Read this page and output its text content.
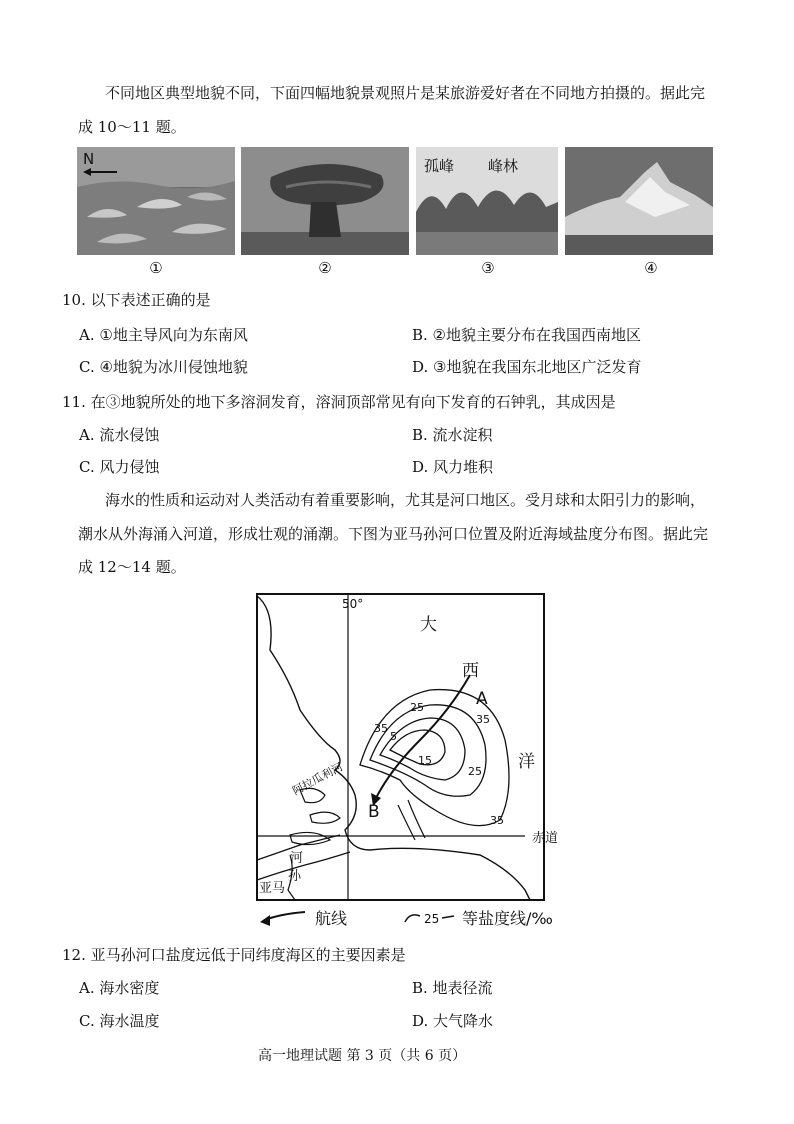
不同地区典型地貌不同，下面四幅地貌景观照片是某旅游爱好者在不同地方拍摄的。据此完
成 10～11 题。
N	孤峰 峰林
①	②	③	④
10. 以下表述正确的是
A. ①地主导风向为东南风	B. ②地貌主要分布在我国西南地区
C. ④地貌为冰川侵蚀地貌	D. ③地貌在我国东北地区广泛发育
11. 在③地貌所处的地下多溶洞发育，溶洞顶部常见有向下发育的石钟乳，其成因是
A. 流水侵蚀	B. 流水淀积
C. 风力侵蚀	D. 风力堆积
海水的性质和运动对人类活动有着重要影响，尤其是河口地区。受月球和太阳引力的影响，
潮水从外海涌入河道，形成壮观的涌潮。下图为亚马孙河口位置及附近海域盐度分布图。据此完
成 12～14 题。
50°
大
西
洋
A
B
赤道
35
25
15
5
25
35
35
阿拉瓜利河
亚马
孙
河
航线	25 等盐度线/‰
12. 亚马孙河口盐度远低于同纬度海区的主要因素是
A. 海水密度	B. 地表径流
C. 海水温度	D. 大气降水
高一地理试题 第 3 页（共 6 页）
